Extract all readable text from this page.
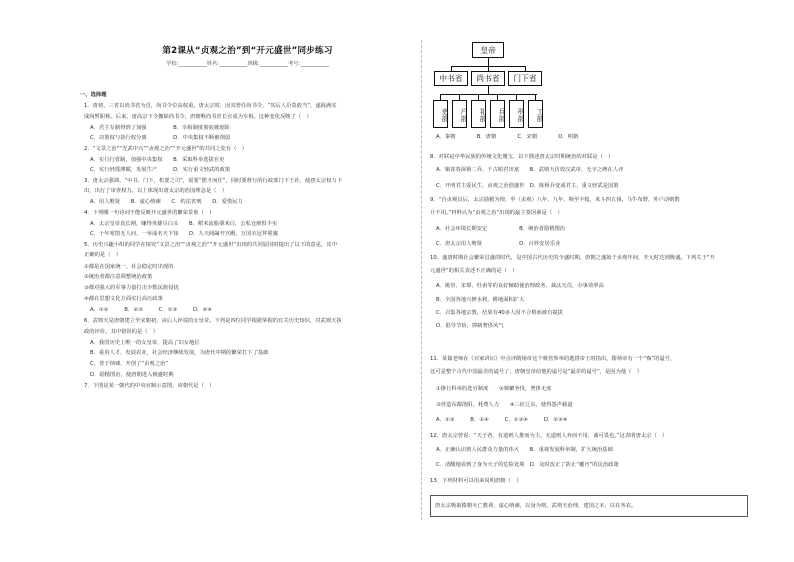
第2课从“贞观之治”到“开元盛世”同步练习
学校:___________姓名:___________班级:___________考号:___________
一、选择题
1．唐初，三省以尚书省为首，尚书令位高权重。唐太宗时，因其曾任尚书令，“其后人臣莫敢当”，遂海满实
成尚暂职称。后来，唐高宗下令撤除尚书令，唐朝唯尚书省长官成为宰相。这种变化反映了（　）
A．君主专制得到了加强　　　　　B．宰相制度彻底被废除
C．决策权与执行权分离　　　　　D．中央集权不断被削弱
2．“文景之治”“光武中兴”“贞观之治”“开元盛世”的共同之处有（　）
A．实行行省制，加强中央集权　　B．采取科举选拔官吏
C．实行轻徭薄赋，发展生产　　　D．实行重文轻武的政策
3．唐太宗强调，“中书、门下，机要之司”，需要“摆才而任”，同时要督行的行政部门下王社，使唐太宗权力下
出，出行了审查权力。以上体现出唐太宗的治国理念是（　）
A．用人唯贤　　B．虚心纳谏　　C．约法省刑　　D．爱惜民力
4．下列哪一句诗词不能反映开元盛世的繁荣景象（　）
A．太宗皇帝真长期，赚得英雄尽白头　　B．稻米流脂粟米白，公私仓廪俱丰实
C．十年寒窗无人问，一举成名天下知　　D．九天阊阖开宫殿，万国衣冠拜冕旒
5．历史兴趣小组的同学在探究“文景之治”“贞观之治”“开元盛世”出现的共同原因时提出了以下的意见，其中
正确的是（　）
①都是在国家统一、社会稳定时出现的
②统治者都注意调整统治政策
③都对强大的军事力量打击少数民族侵扰
④都在思想文化方面实行高压政策
A．①②　　　B．②③　　　C．①③　　　D．②④
6．武则天是唐朝建立至宋朝初，由后人评说的女皇帝。下列是四位同学根据掌握的有关历史知识，对武则天执
政的评价。其中错误的是（　）
A．我国历史上唯一的女皇帝，提高了妇女地位
B．重用人才，发展农业，社会经济继续发展，为唐代中期的繁荣打下了基础
C．善于纳谏，开创了“贞观之治”
D．励精图治，使唐朝进入极盛时期
7．下图是某一朝代的中央官制示意图，该朝代是（　）
皇帝
中书省	尚书省	门下省
吏部	户部	礼部	兵部	刑部	工部
A．秦朝　　　　B．唐朝　　　　C．宋朝　　　　D．明朝
8．对联是中华民族的传统文化瑰宝，以下描述唐太宗时期统治的对联是（　）
A．铜雀春深锁二乔，千古昭君出塞　　B．武则天仿效汉武帝，无字之碑在人评
C．开明君主爱民生，贞观之治创盛世　D．陈桥兵变成君主，重文轻武是国策
9．“自贞观以后，太宗励精为理，至（贞观）八年、九年，频至丰稔，米斗四五钱，马牛布野，外户动则数
月不闭。”材料认为“贞观之治”出现的最主要因素是（　）
A．社会环境长期安定　　　　　　B．统治者励精图治
C．唐太宗用人唯贤　　　　　　　D．百姓安居乐业
10．盛唐时期社会繁荣昌盛的时代，是中国古代历史的全盛时期，唐朝之盛始于贞观年间，开元时达到极盛。下列关于“开
元盛世”的相关表述不正确的是（　）
A．姚崇、宋璟、杜甫等的良好辅助使治理政务，裁汰冗员，办事效率高
B．全国各地兴修水利，耕地面积扩大
C．召集各地宗教，结果有40多人因不合格而被有提拔
D．倡导节俭，抑制奢侈风气
11．某篇老师在《百家讲坛》中点评隋炀帝这个吸管参举的逃措帝王时指出，隋炀帝有一个“殇”的谥号，
这可是整个古代中国最差的谥号了，唐朝皇帝给他的谥号是“最差的谥号”，是因为他（　）
①推行科举的选官制度　　②频繁争伐，奢侈无度
③营造东都洛阳，耗费人力　　④三征辽东，使得怨声载道
A．①③　　　B．②④　　　C．①③④　　　D．②③④
12．唐太宗曾说：“天子者，有道则人推而为主，无道则人弃而不用，诚可畏也。”这表明唐太宗（　）
A．正确认识到人民群众力量的伟大　　B．重视发展科举制，扩大统治基础
C．清醒地看到了身为天子的危险处境　D．及时改正了防止“覆舟”的民治政策
13．下列材料可以用来说明唐朝（　）
唐太宗吸取隋朝灭亡教训，虚心纳谏，以身为则，武则天治理，建国之本，以在务农。
